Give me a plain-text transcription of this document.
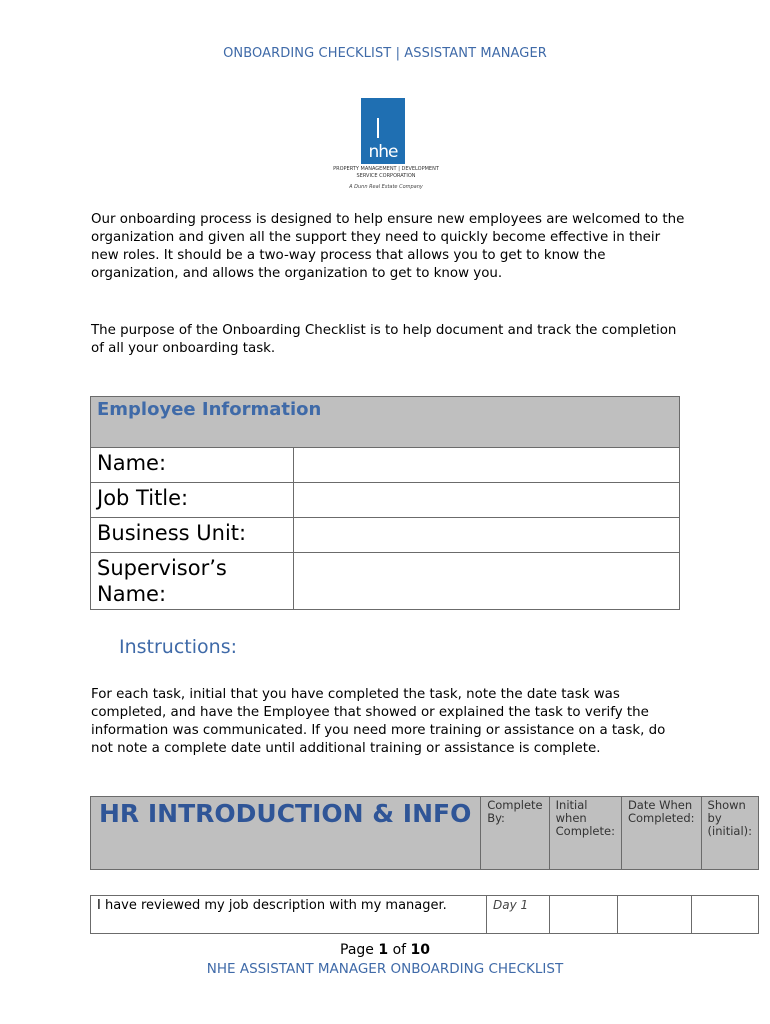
ONBOARDING CHECKLIST | ASSISTANT MANAGER
nhe
PROPERTY MANAGEMENT | DEVELOPMENT SERVICE CORPORATION
A Dunn Real Estate Company

Our onboarding process is designed to help ensure new employees are welcomed to the organization and given all the support they need to quickly become effective in their new roles. It should be a two-way process that allows you to get to know the organization, and allows the organization to get to know you.

The purpose of the Onboarding Checklist is to help document and track the completion of all your onboarding task.

Employee Information	
Name:	
Job Title:	
Business Unit:	
Supervisor’s Name:	
Instructions:

For each task, initial that you have completed the task, note the date task was completed, and have the Employee that showed or explained the task to verify the information was communicated. If you need more training or assistance on a task, do not note a complete date until additional training or assistance is complete.

HR INTRODUCTION & INFO	Complete By:	Initial when Complete:	Date When Completed:	Shown by (initial):
I have reviewed my job description with my manager.	Day 1			
Page 1 of 10
NHE ASSISTANT MANAGER ONBOARDING CHECKLIST
